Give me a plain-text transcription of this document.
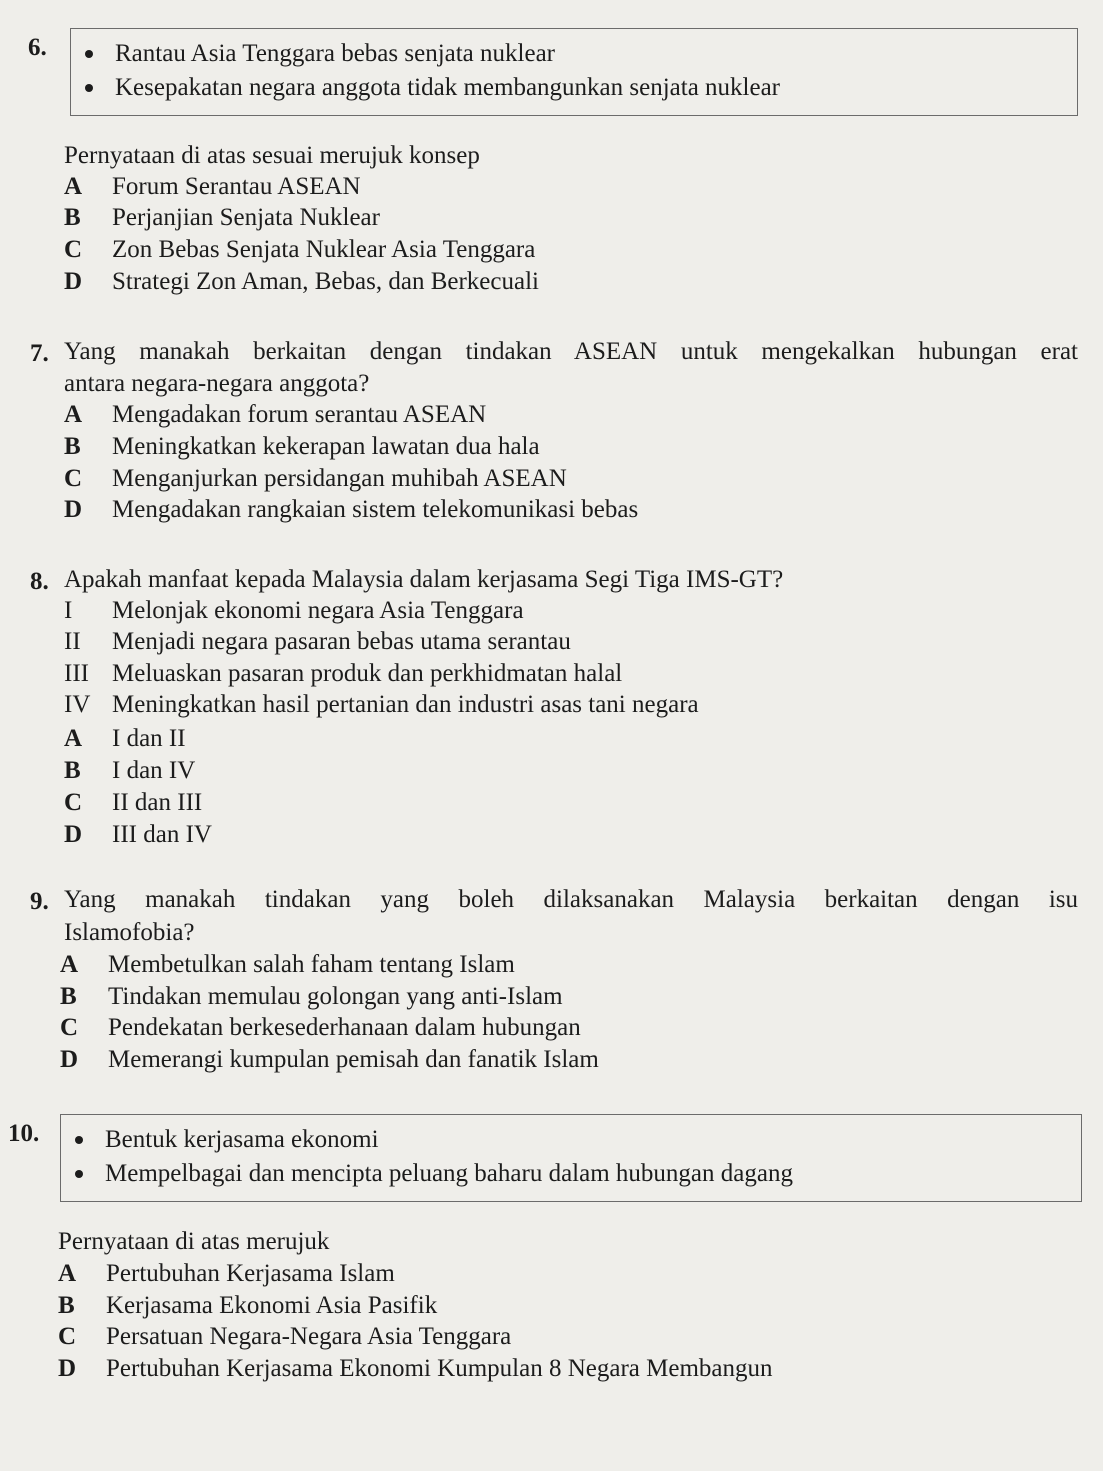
6.	Rantau Asia Tenggara bebas senjata nuklear
Kesepakatan negara anggota tidak membangunkan senjata nuklear
Pernyataan di atas sesuai merujuk konsep
A	Forum Serantau ASEAN
B	Perjanjian Senjata Nuklear
C	Zon Bebas Senjata Nuklear Asia Tenggara
D	Strategi Zon Aman, Bebas, dan Berkecuali
7. Yang manakah berkaitan dengan tindakan ASEAN untuk mengekalkan hubungan erat
antara negara-negara anggota?
A	Mengadakan forum serantau ASEAN
B	Meningkatkan kekerapan lawatan dua hala
C	Menganjurkan persidangan muhibah ASEAN
D	Mengadakan rangkaian sistem telekomunikasi bebas
8. Apakah manfaat kepada Malaysia dalam kerjasama Segi Tiga IMS-GT?
I	Melonjak ekonomi negara Asia Tenggara
II	Menjadi negara pasaran bebas utama serantau
III Meluaskan pasaran produk dan perkhidmatan halal
IV Meningkatkan hasil pertanian dan industri asas tani negara
A	I dan II
B	I dan IV
C	II dan III
D	III dan IV
9. Yang manakah tindakan yang boleh dilaksanakan Malaysia berkaitan dengan isu
Islamofobia?
A	Membetulkan salah faham tentang Islam
B	Tindakan memulau golongan yang anti-Islam
C	Pendekatan berkesederhanaan dalam hubungan
D	Memerangi kumpulan pemisah dan fanatik Islam
10.	Bentuk kerjasama ekonomi
Mempelbagai dan mencipta peluang baharu dalam hubungan dagang
Pernyataan di atas merujuk
A	Pertubuhan Kerjasama Islam
B	Kerjasama Ekonomi Asia Pasifik
C	Persatuan Negara-Negara Asia Tenggara
D	Pertubuhan Kerjasama Ekonomi Kumpulan 8 Negara Membangun
